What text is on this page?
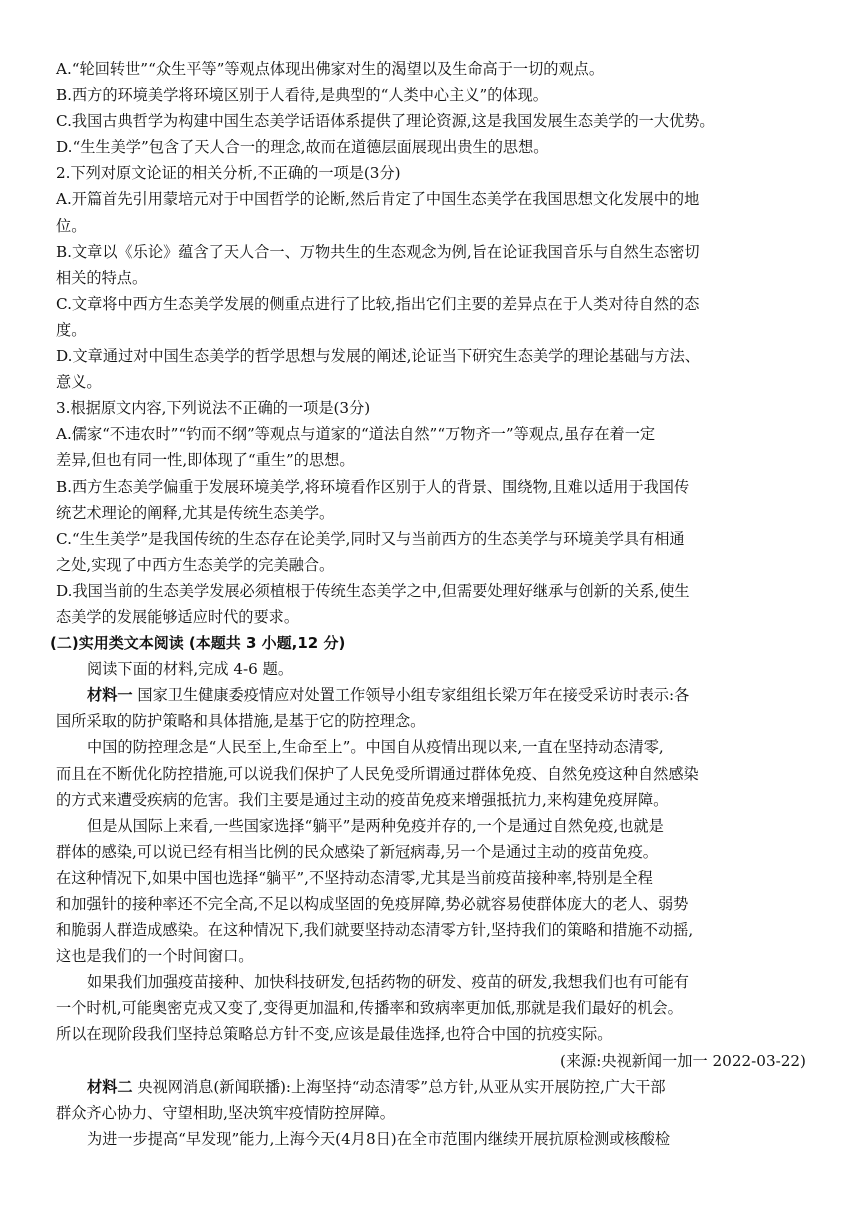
A.“轮回转世”“众生平等”等观点体现出佛家对生的渴望以及生命高于一切的观点。
B.西方的环境美学将环境区别于人看待,是典型的“人类中心主义”的体现。
C.我国古典哲学为构建中国生态美学话语体系提供了理论资源,这是我国发展生态美学的一大优势。
D.“生生美学”包含了天人合一的理念,故而在道德层面展现出贵生的思想。
2.下列对原文论证的相关分析,不正确的一项是(3分)
A.开篇首先引用蒙培元对于中国哲学的论断,然后肯定了中国生态美学在我国思想文化发展中的地
位。
B.文章以《乐论》蕴含了天人合一、万物共生的生态观念为例,旨在论证我国音乐与自然生态密切
相关的特点。
C.文章将中西方生态美学发展的侧重点进行了比较,指出它们主要的差异点在于人类对待自然的态
度。
D.文章通过对中国生态美学的哲学思想与发展的阐述,论证当下研究生态美学的理论基础与方法、
意义。
3.根据原文内容,下列说法不正确的一项是(3分)
A.儒家“不违农时”“钓而不纲”等观点与道家的“道法自然”“万物齐一”等观点,虽存在着一定
差异,但也有同一性,即体现了“重生”的思想。
B.西方生态美学偏重于发展环境美学,将环境看作区别于人的背景、围绕物,且难以适用于我国传
统艺术理论的阐释,尤其是传统生态美学。
C.“生生美学”是我国传统的生态存在论美学,同时又与当前西方的生态美学与环境美学具有相通
之处,实现了中西方生态美学的完美融合。
D.我国当前的生态美学发展必须植根于传统生态美学之中,但需要处理好继承与创新的关系,使生
态美学的发展能够适应时代的要求。
(二)实用类文本阅读 (本题共 3 小题,12 分)
阅读下面的材料,完成 4-6 题。
材料一 国家卫生健康委疫情应对处置工作领导小组专家组组长梁万年在接受采访时表示:各
国所采取的防护策略和具体措施,是基于它的防控理念。
中国的防控理念是“人民至上,生命至上”。中国自从疫情出现以来,一直在坚持动态清零,
而且在不断优化防控措施,可以说我们保护了人民免受所谓通过群体免疫、自然免疫这种自然感染
的方式来遭受疾病的危害。我们主要是通过主动的疫苗免疫来增强抵抗力,来构建免疫屏障。
但是从国际上来看,一些国家选择“躺平”是两种免疫并存的,一个是通过自然免疫,也就是
群体的感染,可以说已经有相当比例的民众感染了新冠病毒,另一个是通过主动的疫苗免疫。
在这种情况下,如果中国也选择“躺平”,不坚持动态清零,尤其是当前疫苗接种率,特别是全程
和加强针的接种率还不完全高,不足以构成坚固的免疫屏障,势必就容易使群体庞大的老人、弱势
和脆弱人群造成感染。在这种情况下,我们就要坚持动态清零方针,坚持我们的策略和措施不动摇,
这也是我们的一个时间窗口。
如果我们加强疫苗接种、加快科技研发,包括药物的研发、疫苗的研发,我想我们也有可能有
一个时机,可能奥密克戎又变了,变得更加温和,传播率和致病率更加低,那就是我们最好的机会。
所以在现阶段我们坚持总策略总方针不变,应该是最佳选择,也符合中国的抗疫实际。
(来源:央视新闻一加一 2022-03-22)
材料二 央视网消息(新闻联播):上海坚持“动态清零”总方针,从亚从实开展防控,广大干部
群众齐心协力、守望相助,坚决筑牢疫情防控屏障。
为进一步提高“早发现”能力,上海今天(4月8日)在全市范围内继续开展抗原检测或核酸检
